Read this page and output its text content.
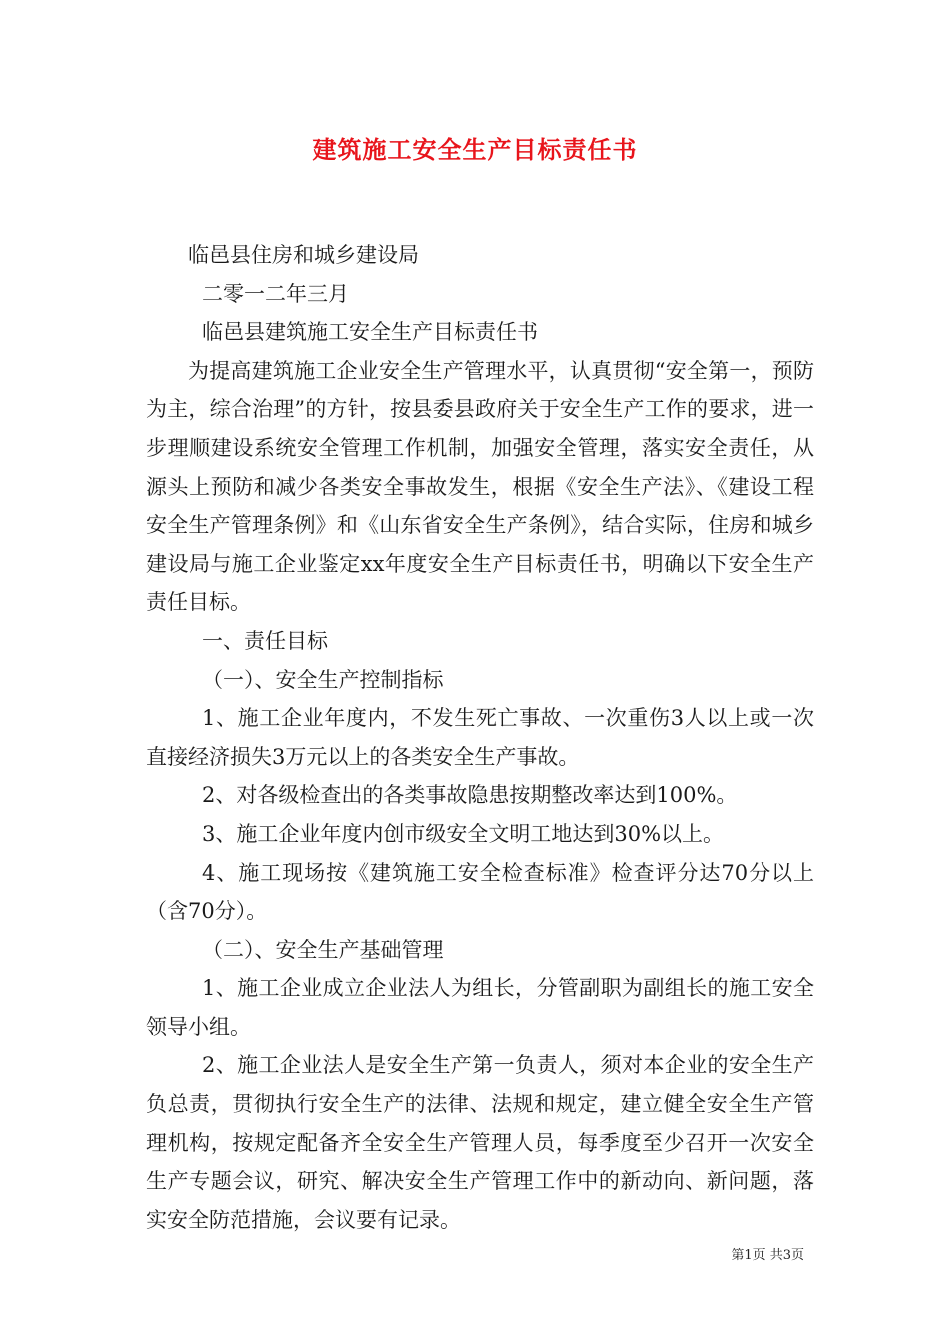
建筑施工安全生产目标责任书

临邑县住房和城乡建设局

二零一二年三月

临邑县建筑施工安全生产目标责任书

为提高建筑施工企业安全生产管理水平，认真贯彻“安全第一，预防为主，综合治理”的方针，按县委县政府关于安全生产工作的要求，进一步理顺建设系统安全管理工作机制，加强安全管理，落实安全责任，从源头上预防和减少各类安全事故发生，根据《安全生产法》、《建设工程安全生产管理条例》和《山东省安全生产条例》，结合实际，住房和城乡建设局与施工企业鉴定xx年度安全生产目标责任书，明确以下安全生产责任目标。

一、责任目标

（一）、安全生产控制指标

1、施工企业年度内，不发生死亡事故、一次重伤3人以上或一次直接经济损失3万元以上的各类安全生产事故。

2、对各级检查出的各类事故隐患按期整改率达到100%。

3、施工企业年度内创市级安全文明工地达到30%以上。

4、施工现场按《建筑施工安全检查标准》检查评分达70分以上（含70分）。

（二）、安全生产基础管理

1、施工企业成立企业法人为组长，分管副职为副组长的施工安全领导小组。

2、施工企业法人是安全生产第一负责人，须对本企业的安全生产负总责，贯彻执行安全生产的法律、法规和规定，建立健全安全生产管理机构，按规定配备齐全安全生产管理人员，每季度至少召开一次安全生产专题会议，研究、解决安全生产管理工作中的新动向、新问题，落实安全防范措施，会议要有记录。

第1页 共3页
